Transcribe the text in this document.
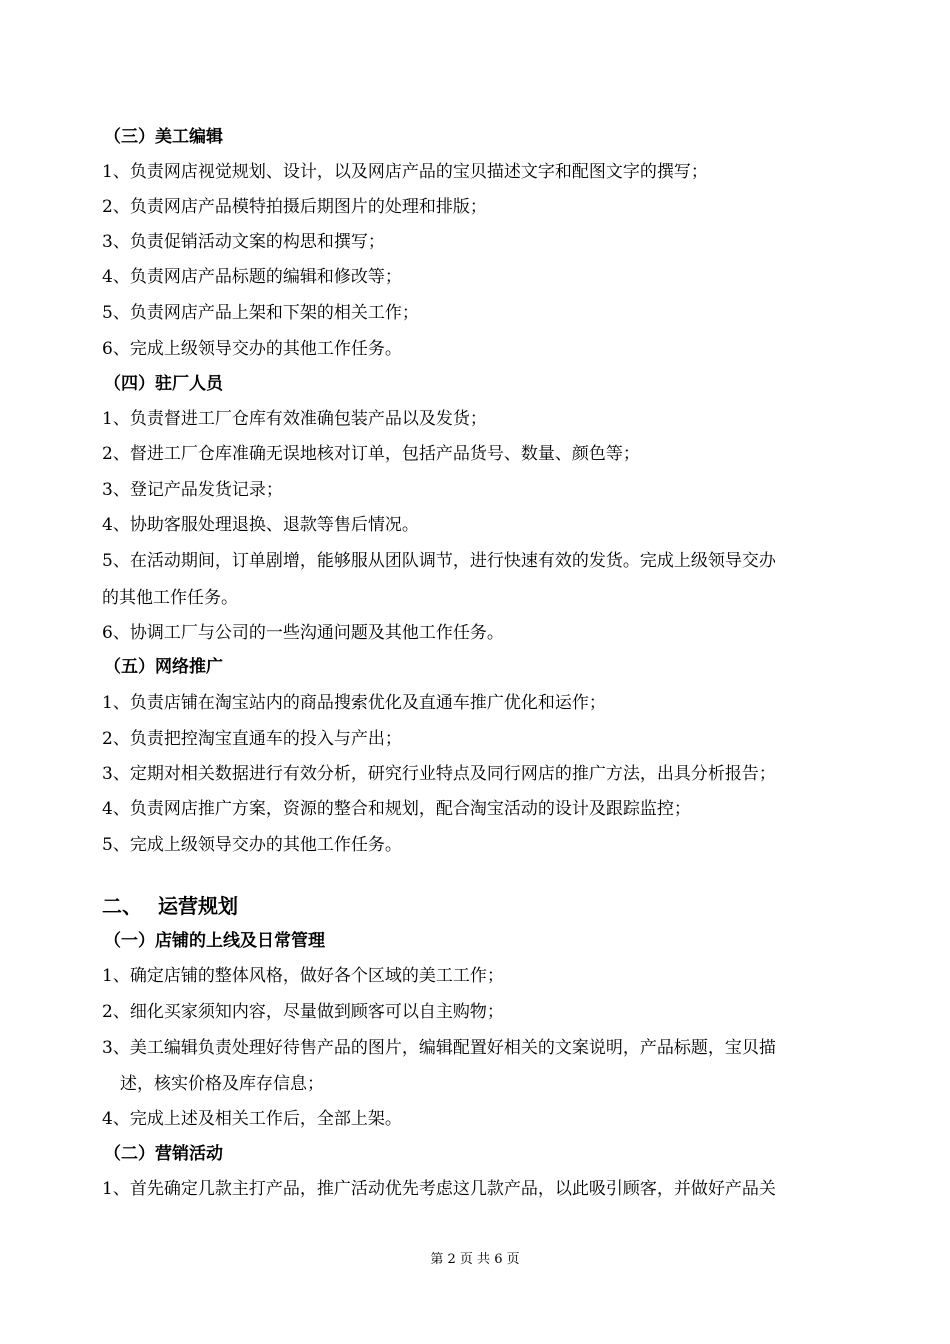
（三）美工编辑
1、负责网店视觉规划、设计，以及网店产品的宝贝描述文字和配图文字的撰写；
2、负责网店产品模特拍摄后期图片的处理和排版；
3、负责促销活动文案的构思和撰写；
4、负责网店产品标题的编辑和修改等；
5、负责网店产品上架和下架的相关工作；
6、完成上级领导交办的其他工作任务。
（四）驻厂人员
1、负责督进工厂仓库有效准确包装产品以及发货；
2、督进工厂仓库准确无误地核对订单，包括产品货号、数量、颜色等；
3、登记产品发货记录；
4、协助客服处理退换、退款等售后情况。
5、在活动期间，订单剧增，能够服从团队调节，进行快速有效的发货。完成上级领导交办
的其他工作任务。
6、协调工厂与公司的一些沟通问题及其他工作任务。
（五）网络推广
1、负责店铺在淘宝站内的商品搜索优化及直通车推广优化和运作；
2、负责把控淘宝直通车的投入与产出；
3、定期对相关数据进行有效分析，研究行业特点及同行网店的推广方法，出具分析报告；
4、负责网店推广方案，资源的整合和规划，配合淘宝活动的设计及跟踪监控；
5、完成上级领导交办的其他工作任务。
二、 运营规划
（一）店铺的上线及日常管理
1、确定店铺的整体风格，做好各个区域的美工工作；
2、细化买家须知内容，尽量做到顾客可以自主购物；
3、美工编辑负责处理好待售产品的图片，编辑配置好相关的文案说明，产品标题，宝贝描
述，核实价格及库存信息；
4、完成上述及相关工作后，全部上架。
（二）营销活动
1、首先确定几款主打产品，推广活动优先考虑这几款产品，以此吸引顾客，并做好产品关
第 2 页 共 6 页
